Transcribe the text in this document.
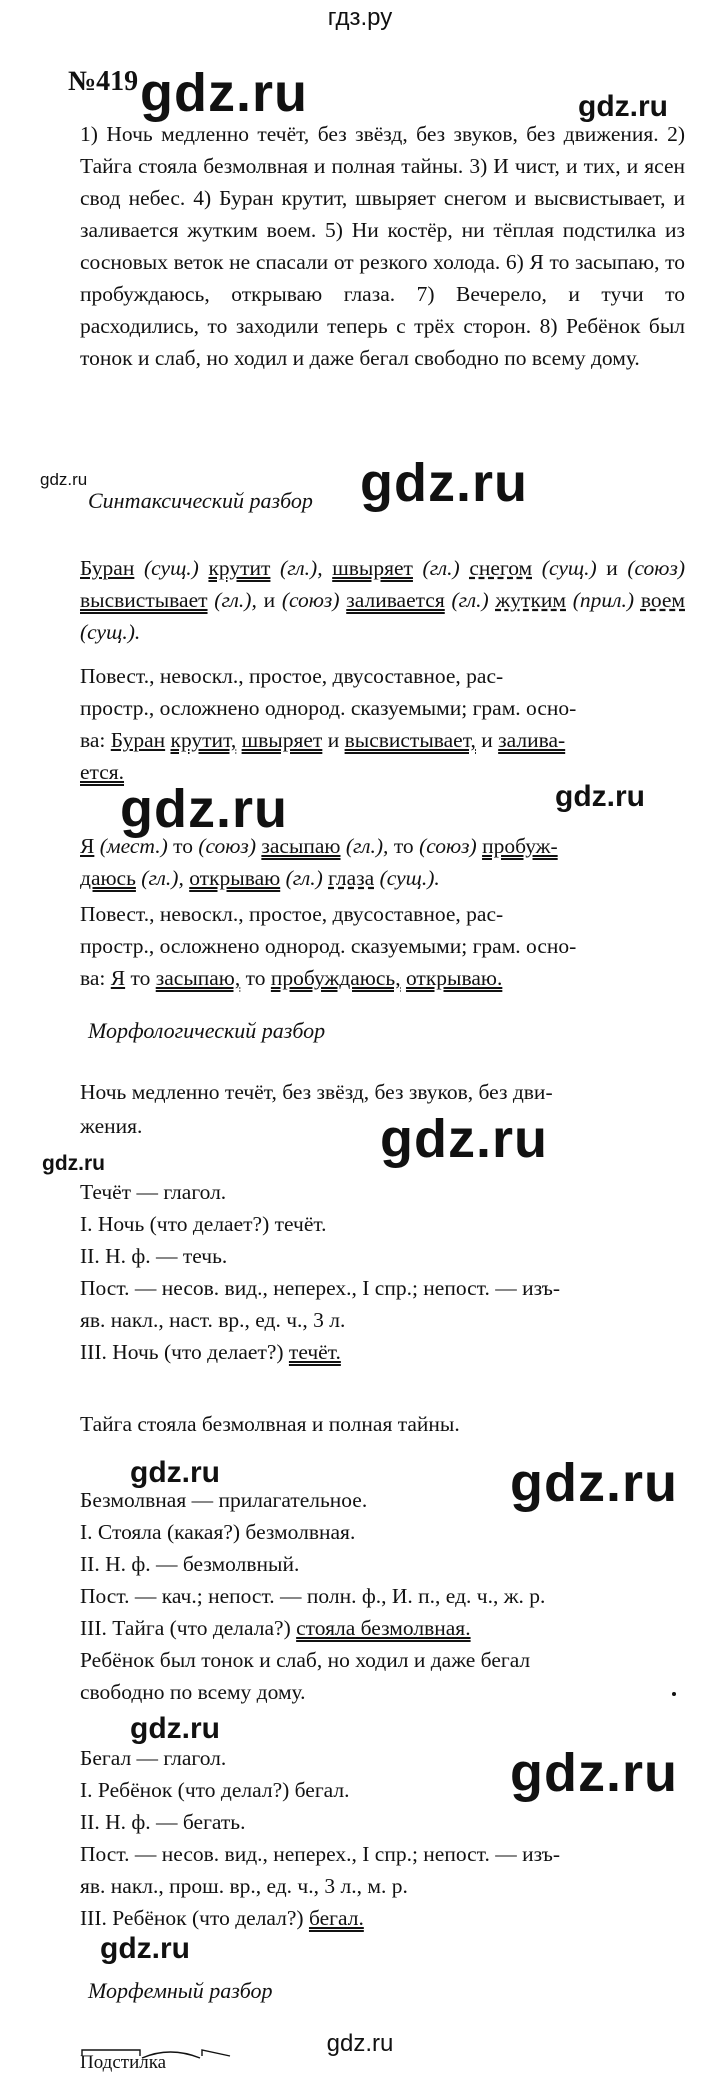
гдз.ру
№419 gdz.ru	gdz.ru
gdz.ru	gdz.ru
gdz.ru	gdz.ru
gdz.ru
gdz.ru
gdz.ru	gdz.ru
gdz.ru
gdz.ru
gdz.ru

1) Ночь медленно течёт, без звёзд, без звуков, без движения. 2) Тайга стояла безмолвная и полная тайны. 3) И чист, и тих, и ясен свод небес. 4) Буран крутит, швыряет снегом и высвистывает, и заливается жутким воем. 5) Ни костёр, ни тёплая подстилка из сосновых веток не спасали от резкого холода. 6) Я то засыпаю, то пробуждаюсь, открываю глаза. 7) Вечерело, и тучи то расходились, то заходили теперь с трёх сторон. 8) Ребёнок был тонок и слаб, но ходил и даже бегал свободно по всему дому.

Синтаксический разбор

Буран (сущ.) крутит (гл.), швыряет (гл.) снегом (сущ.) и (союз) высвистывает (гл.), и (союз) заливается (гл.) жутким (прил.) воем (сущ.).

Повест., невоскл., простое, двусоставное, рас-

простр., осложнено однород. сказуемыми; грам. осно-

ва: Буран крутит, швыряет и высвистывает, и залива-

ется.

Я (мест.) то (союз) засыпаю (гл.), то (союз) пробуж-

даюсь (гл.), открываю (гл.) глаза (сущ.).

Повест., невоскл., простое, двусоставное, рас-

простр., осложнено однород. сказуемыми; грам. осно-

ва: Я то засыпаю, то пробуждаюсь, открываю.

Морфологический разбор
Ночь медленно течёт, без звёзд, без звуков, без дви-
жения.
Течёт — глагол.
I. Ночь (что делает?) течёт.
II. Н. ф. — течь.
Пост. — несов. вид., неперех., I спр.; непост. — изъ-
яв. накл., наст. вр., ед. ч., 3 л.
III. Ночь (что делает?) течёт.
Тайга стояла безмолвная и полная тайны.
Безмолвная — прилагательное.
I. Стояла (какая?) безмолвная.
II. Н. ф. — безмолвный.
Пост. — кач.; непост. — полн. ф., И. п., ед. ч., ж. р.
III. Тайга (что делала?) стояла безмолвная.
Ребёнок был тонок и слаб, но ходил и даже бегал
свободно по всему дому.
Бегал — глагол.
I. Ребёнок (что делал?) бегал.
II. Н. ф. — бегать.
Пост. — несов. вид., неперех., I спр.; непост. — изъ-
яв. накл., прош. вр., ед. ч., 3 л., м. р.
III. Ребёнок (что делал?) бегал.
Морфемный разбор
Подстилка
gdz.ru
